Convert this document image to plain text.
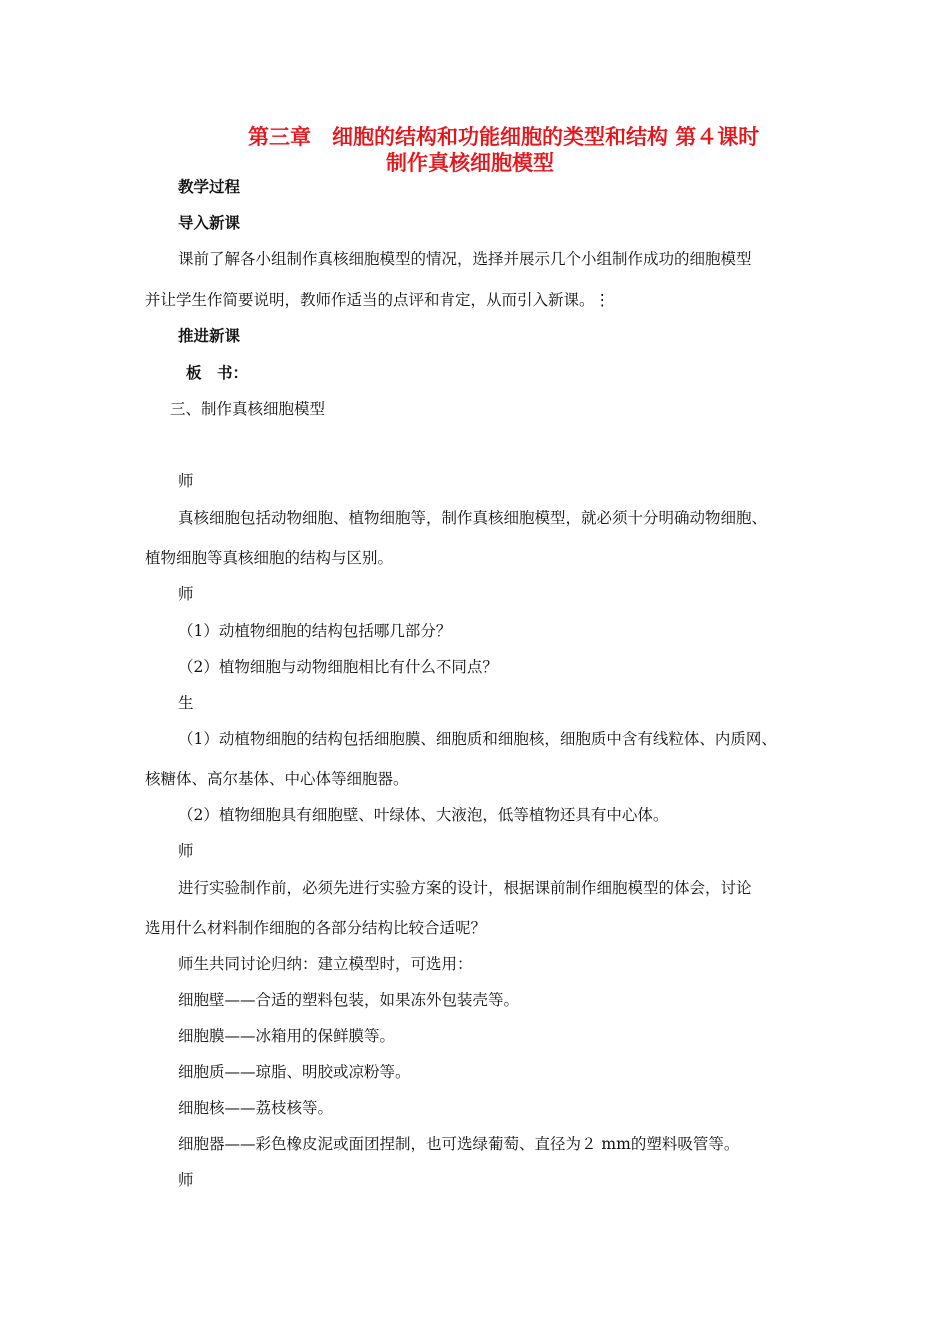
第三章　细胞的结构和功能细胞的类型和结构 第４课时
制作真核细胞模型
教学过程
导入新课
课前了解各小组制作真核细胞模型的情况，选择并展示几个小组制作成功的细胞模型
并让学生作简要说明，教师作适当的点评和肯定，从而引入新课。⋮
推进新课
板　书：
三、制作真核细胞模型
师
真核细胞包括动物细胞、植物细胞等，制作真核细胞模型，就必须十分明确动物细胞、
植物细胞等真核细胞的结构与区别。
师
（1）动植物细胞的结构包括哪几部分？
（2）植物细胞与动物细胞相比有什么不同点？
生
（1）动植物细胞的结构包括细胞膜、细胞质和细胞核，细胞质中含有线粒体、内质网、
核糖体、高尔基体、中心体等细胞器。
（2）植物细胞具有细胞壁、叶绿体、大液泡，低等植物还具有中心体。
师
进行实验制作前，必须先进行实验方案的设计，根据课前制作细胞模型的体会，讨论
选用什么材料制作细胞的各部分结构比较合适呢？
师生共同讨论归纳：建立模型时，可选用：
细胞壁——合适的塑料包装，如果冻外包装壳等。
细胞膜——冰箱用的保鲜膜等。
细胞质——琼脂、明胶或凉粉等。
细胞核——荔枝核等。
细胞器——彩色橡皮泥或面团捏制，也可选绿葡萄、直径为２ mm的塑料吸管等。
师
